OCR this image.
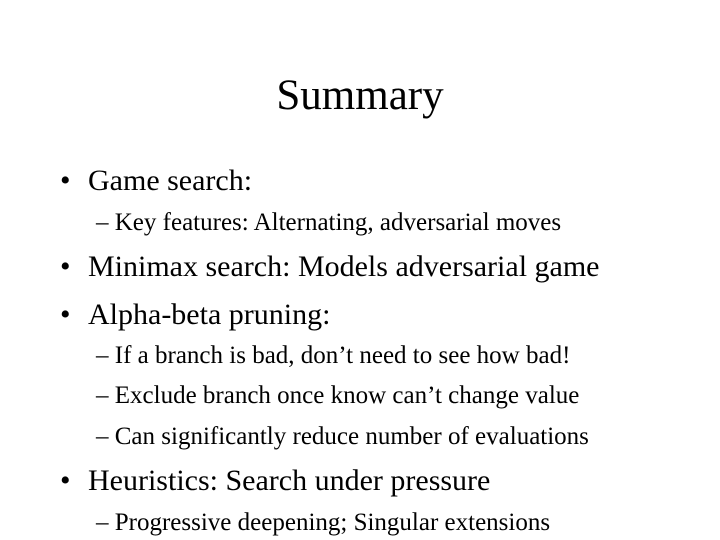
Summary
• Game search:
– Key features: Alternating, adversarial moves
• Minimax search: Models adversarial game
• Alpha-beta pruning:
– If a branch is bad, don’t need to see how bad!
– Exclude branch once know can’t change value
– Can significantly reduce number of evaluations
• Heuristics: Search under pressure
– Progressive deepening; Singular extensions
